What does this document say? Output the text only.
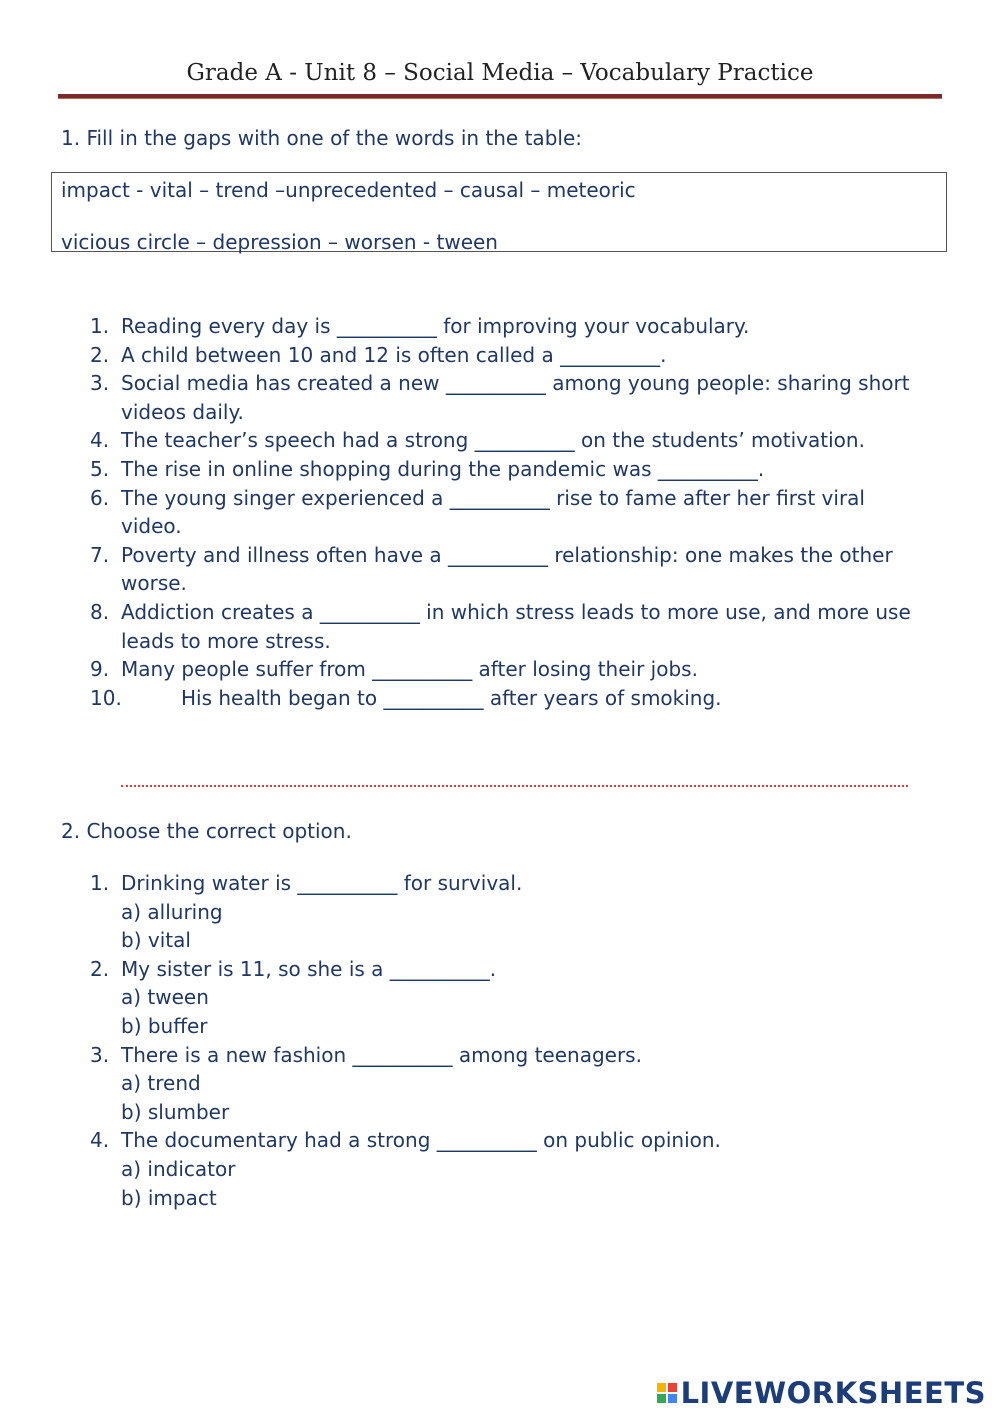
Grade A - Unit 8 – Social Media – Vocabulary Practice
1. Fill in the gaps with one of the words in the table:
impact - vital – trend –unprecedented – causal – meteoric
vicious circle – depression – worsen - tween
1. Reading every day is __________ for improving your vocabulary.
2. A child between 10 and 12 is often called a __________.
3. Social media has created a new __________ among young people: sharing short videos daily.
4. The teacher’s speech had a strong __________ on the students’ motivation.
5. The rise in online shopping during the pandemic was __________.
6. The young singer experienced a __________ rise to fame after her first viral video.
7. Poverty and illness often have a __________ relationship: one makes the other worse.
8. Addiction creates a __________ in which stress leads to more use, and more use leads to more stress.
9. Many people suffer from __________ after losing their jobs.
10.	His health began to __________ after years of smoking.
2. Choose the correct option.
1. Drinking water is __________ for survival.
a) alluring
b) vital
2. My sister is 11, so she is a __________.
a) tween
b) buffer
3. There is a new fashion __________ among teenagers.
a) trend
b) slumber
4. The documentary had a strong __________ on public opinion.
a) indicator
b) impact
LIVEWORKSHEETS
